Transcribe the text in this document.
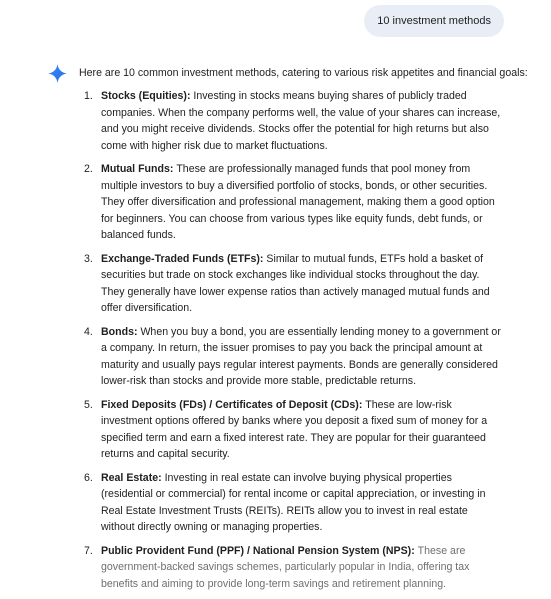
10 investment methods
Here are 10 common investment methods, catering to various risk appetites and financial goals:
1. Stocks (Equities): Investing in stocks means buying shares of publicly traded companies. When the company performs well, the value of your shares can increase, and you might receive dividends. Stocks offer the potential for high returns but also come with higher risk due to market fluctuations.
2. Mutual Funds: These are professionally managed funds that pool money from multiple investors to buy a diversified portfolio of stocks, bonds, or other securities. They offer diversification and professional management, making them a good option for beginners. You can choose from various types like equity funds, debt funds, or balanced funds.
3. Exchange-Traded Funds (ETFs): Similar to mutual funds, ETFs hold a basket of securities but trade on stock exchanges like individual stocks throughout the day. They generally have lower expense ratios than actively managed mutual funds and offer diversification.
4. Bonds: When you buy a bond, you are essentially lending money to a government or a company. In return, the issuer promises to pay you back the principal amount at maturity and usually pays regular interest payments. Bonds are generally considered lower-risk than stocks and provide more stable, predictable returns.
5. Fixed Deposits (FDs) / Certificates of Deposit (CDs): These are low-risk investment options offered by banks where you deposit a fixed sum of money for a specified term and earn a fixed interest rate. They are popular for their guaranteed returns and capital security.
6. Real Estate: Investing in real estate can involve buying physical properties (residential or commercial) for rental income or capital appreciation, or investing in Real Estate Investment Trusts (REITs). REITs allow you to invest in real estate without directly owning or managing properties.
7. Public Provident Fund (PPF) / National Pension System (NPS): These are government-backed savings schemes, particularly popular in India, offering tax benefits and aiming to provide long-term savings and retirement planning.
